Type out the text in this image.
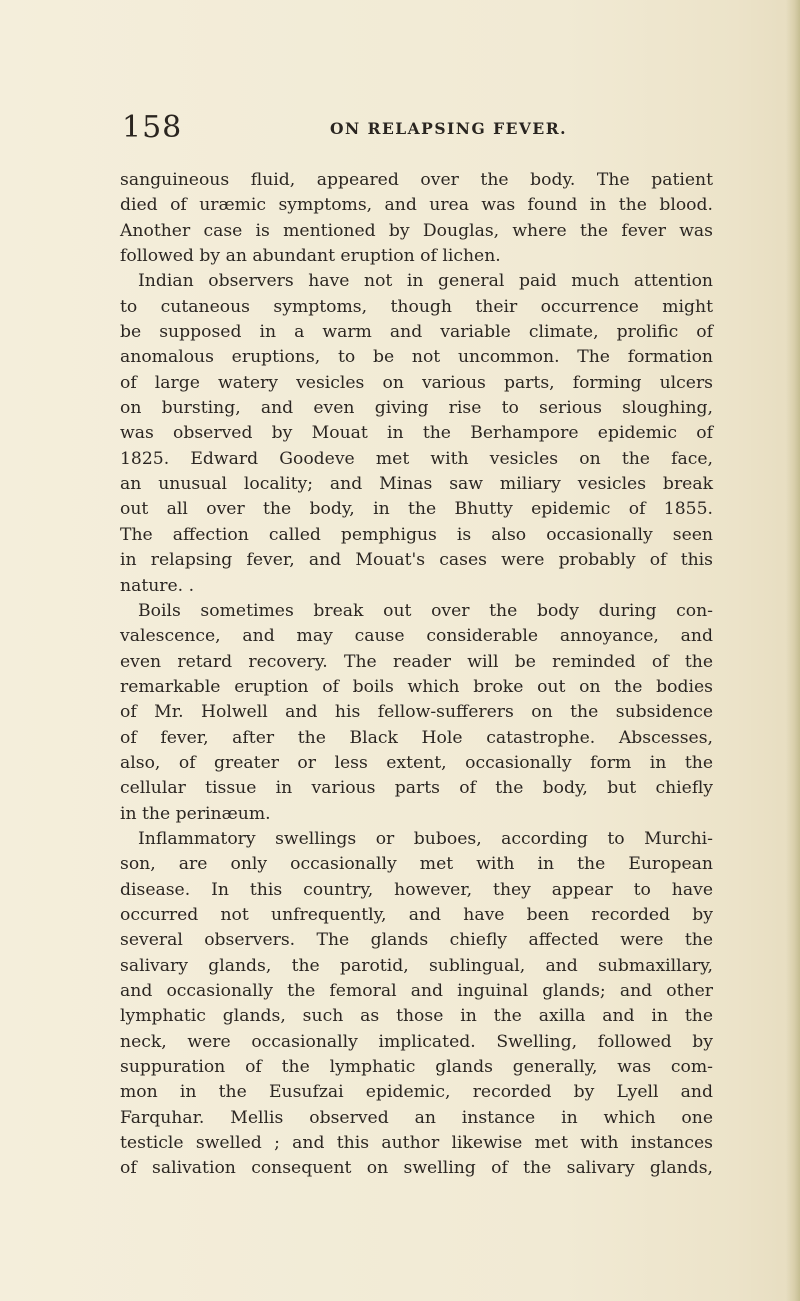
158	ON RELAPSING FEVER.
sanguineous fluid, appeared over the body. The patient
died of uræmic symptoms, and urea was found in the blood.
Another case is mentioned by Douglas, where the fever was
followed by an abundant eruption of lichen.
Indian observers have not in general paid much attention
to cutaneous symptoms, though their occurrence might
be supposed in a warm and variable climate, prolific of
anomalous eruptions, to be not uncommon. The formation
of large watery vesicles on various parts, forming ulcers
on bursting, and even giving rise to serious sloughing,
was observed by Mouat in the Berhampore epidemic of
1825. Edward Goodeve met with vesicles on the face,
an unusual locality; and Minas saw miliary vesicles break
out all over the body, in the Bhutty epidemic of 1855.
The affection called pemphigus is also occasionally seen
in relapsing fever, and Mouat's cases were probably of this
nature. .
Boils sometimes break out over the body during con-
valescence, and may cause considerable annoyance, and
even retard recovery. The reader will be reminded of the
remarkable eruption of boils which broke out on the bodies
of Mr. Holwell and his fellow-sufferers on the subsidence
of fever, after the Black Hole catastrophe. Abscesses,
also, of greater or less extent, occasionally form in the
cellular tissue in various parts of the body, but chiefly
in the perinæum.
Inflammatory swellings or buboes, according to Murchi-
son, are only occasionally met with in the European
disease. In this country, however, they appear to have
occurred not unfrequently, and have been recorded by
several observers. The glands chiefly affected were the
salivary glands, the parotid, sublingual, and submaxillary,
and occasionally the femoral and inguinal glands; and other
lymphatic glands, such as those in the axilla and in the
neck, were occasionally implicated. Swelling, followed by
suppuration of the lymphatic glands generally, was com-
mon in the Eusufzai epidemic, recorded by Lyell and
Farquhar. Mellis observed an instance in which one
testicle swelled ; and this author likewise met with instances
of salivation consequent on swelling of the salivary glands,
